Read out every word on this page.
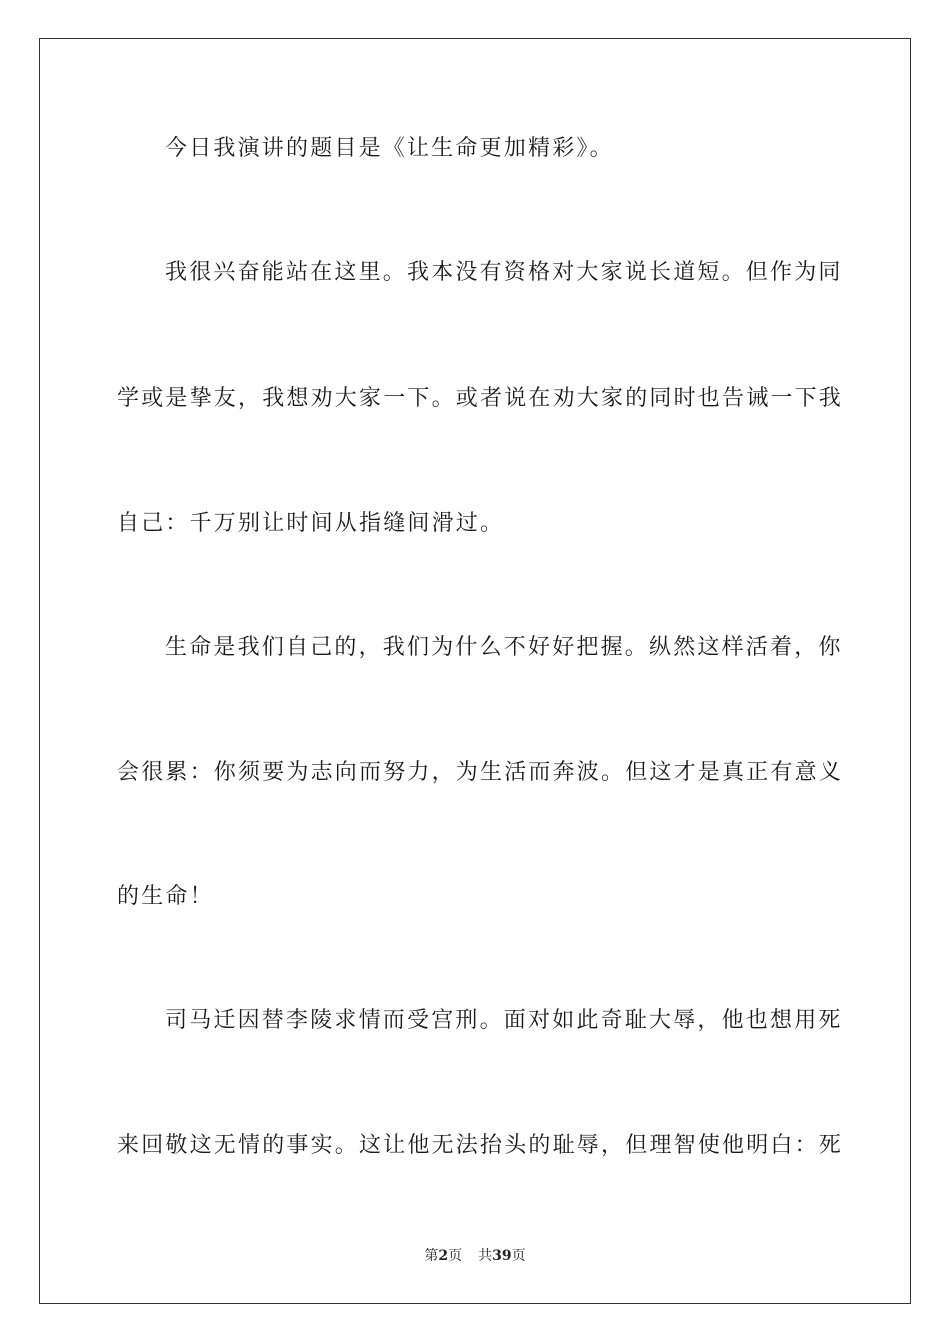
今日我演讲的题目是《让生命更加精彩》。
我很兴奋能站在这里。我本没有资格对大家说长道短。但作为同
学或是挚友，我想劝大家一下。或者说在劝大家的同时也告诫一下我
自己：千万别让时间从指缝间滑过。
生命是我们自己的，我们为什么不好好把握。纵然这样活着，你
会很累：你须要为志向而努力，为生活而奔波。但这才是真正有意义
的生命！
司马迁因替李陵求情而受宫刑。面对如此奇耻大辱，他也想用死
来回敬这无情的事实。这让他无法抬头的耻辱，但理智使他明白：死
第2页 共39页
